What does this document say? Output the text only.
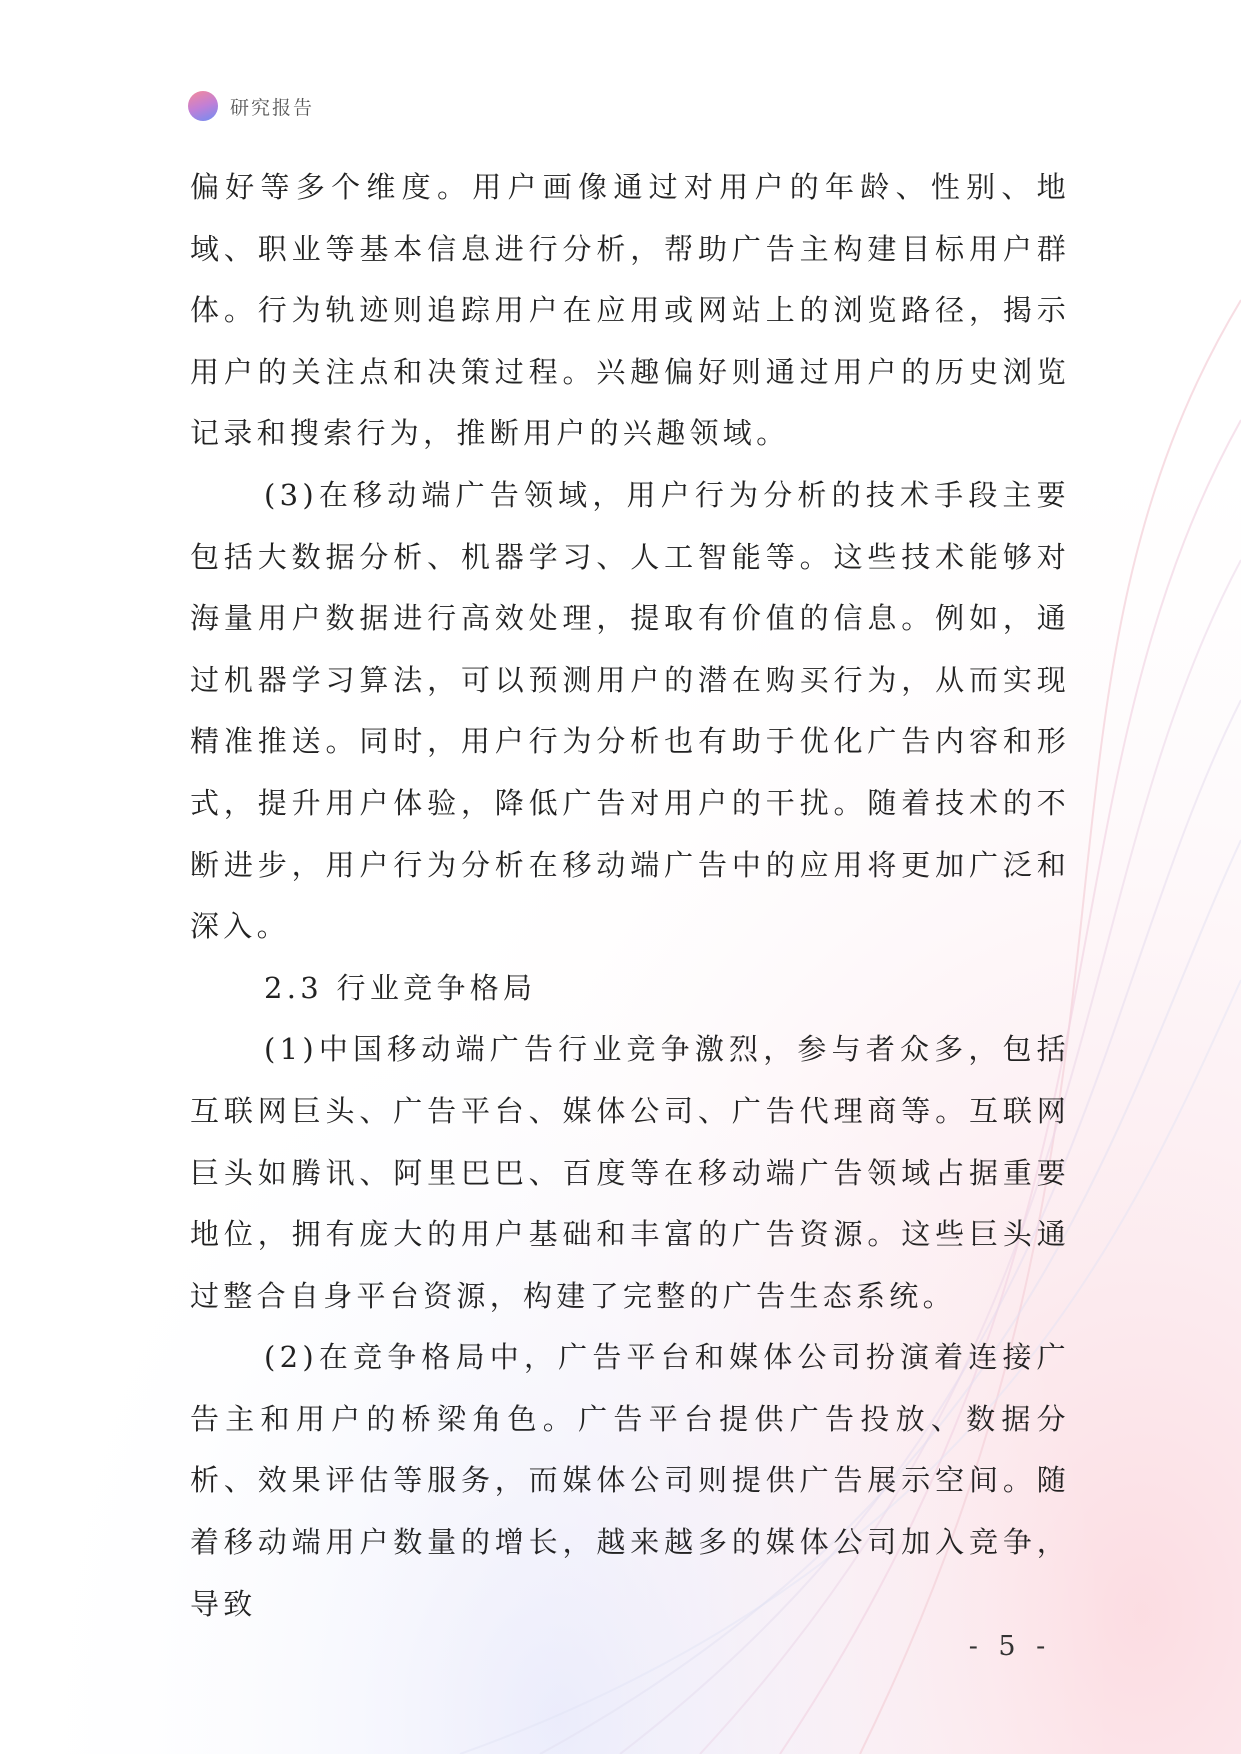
研究报告

偏好等多个维度。用户画像通过对用户的年龄、性别、地域、职业等基本信息进行分析，帮助广告主构建目标用户群体。行为轨迹则追踪用户在应用或网站上的浏览路径，揭示用户的关注点和决策过程。兴趣偏好则通过用户的历史浏览记录和搜索行为，推断用户的兴趣领域。

(3)在移动端广告领域，用户行为分析的技术手段主要包括大数据分析、机器学习、人工智能等。这些技术能够对海量用户数据进行高效处理，提取有价值的信息。例如，通过机器学习算法，可以预测用户的潜在购买行为，从而实现精准推送。同时，用户行为分析也有助于优化广告内容和形式，提升用户体验，降低广告对用户的干扰。随着技术的不断进步，用户行为分析在移动端广告中的应用将更加广泛和深入。

2.3 行业竞争格局

(1)中国移动端广告行业竞争激烈，参与者众多，包括互联网巨头、广告平台、媒体公司、广告代理商等。互联网巨头如腾讯、阿里巴巴、百度等在移动端广告领域占据重要地位，拥有庞大的用户基础和丰富的广告资源。这些巨头通过整合自身平台资源，构建了完整的广告生态系统。

(2)在竞争格局中，广告平台和媒体公司扮演着连接广告主和用户的桥梁角色。广告平台提供广告投放、数据分析、效果评估等服务，而媒体公司则提供广告展示空间。随着移动端用户数量的增长，越来越多的媒体公司加入竞争，导致

- 5 -
